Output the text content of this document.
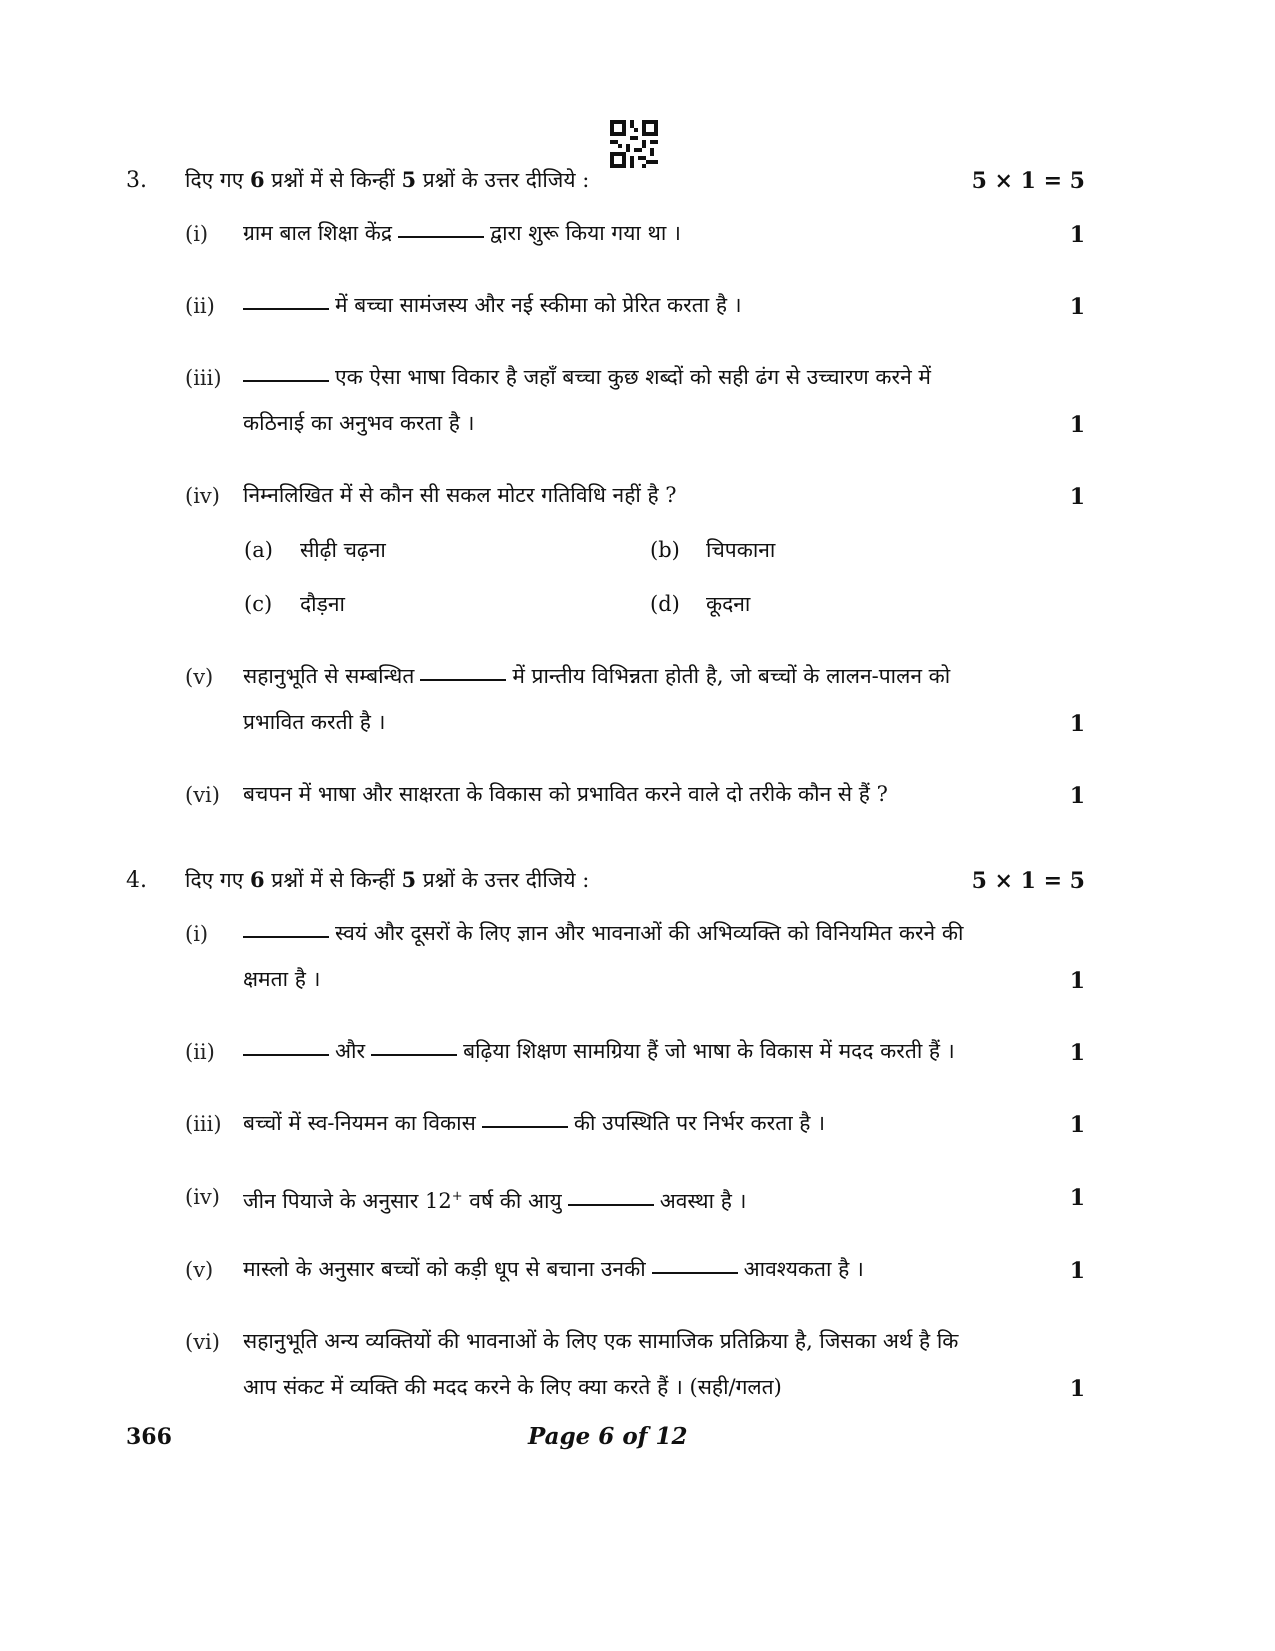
3. दिए गए 6 प्रश्नों में से किन्हीं 5 प्रश्नों के उत्तर दीजिये :	5 × 1 = 5
(i) ग्राम बाल शिक्षा केंद्र	द्वारा शुरू किया गया था ।	1
(ii)	में बच्चा सामंजस्य और नई स्कीमा को प्रेरित करता है ।	1
(iii)	एक ऐसा भाषा विकार है जहाँ बच्चा कुछ शब्दों को सही ढंग से उच्चारण करने में
कठिनाई का अनुभव करता है ।	1
(iv) निम्नलिखित में से कौन सी सकल मोटर गतिविधि नहीं है ?	1
(a) सीढ़ी चढ़ना	(b) चिपकाना
(c) दौड़ना	(d) कूदना
(v) सहानुभूति से सम्बन्धित	में प्रान्तीय विभिन्नता होती है, जो बच्चों के लालन-पालन को
प्रभावित करती है ।	1
(vi) बचपन में भाषा और साक्षरता के विकास को प्रभावित करने वाले दो तरीके कौन से हैं ?	1
4. दिए गए 6 प्रश्नों में से किन्हीं 5 प्रश्नों के उत्तर दीजिये :	5 × 1 = 5
(i)	स्वयं और दूसरों के लिए ज्ञान और भावनाओं की अभिव्यक्ति को विनियमित करने की
क्षमता है ।	1
(ii)	और	बढ़िया शिक्षण सामग्रिया हैं जो भाषा के विकास में मदद करती हैं ।	1
(iii) बच्चों में स्व-नियमन का विकास	की उपस्थिति पर निर्भर करता है ।	1
(iv) जीन पियाजे के अनुसार 12+ वर्ष की आयु	अवस्था है ।	1
(v) मास्लो के अनुसार बच्चों को कड़ी धूप से बचाना उनकी	आवश्यकता है ।	1
(vi) सहानुभूति अन्य व्यक्तियों की भावनाओं के लिए एक सामाजिक प्रतिक्रिया है, जिसका अर्थ है कि
आप संकट में व्यक्ति की मदद करने के लिए क्या करते हैं । (सही/गलत)	1
366	Page 6 of 12
